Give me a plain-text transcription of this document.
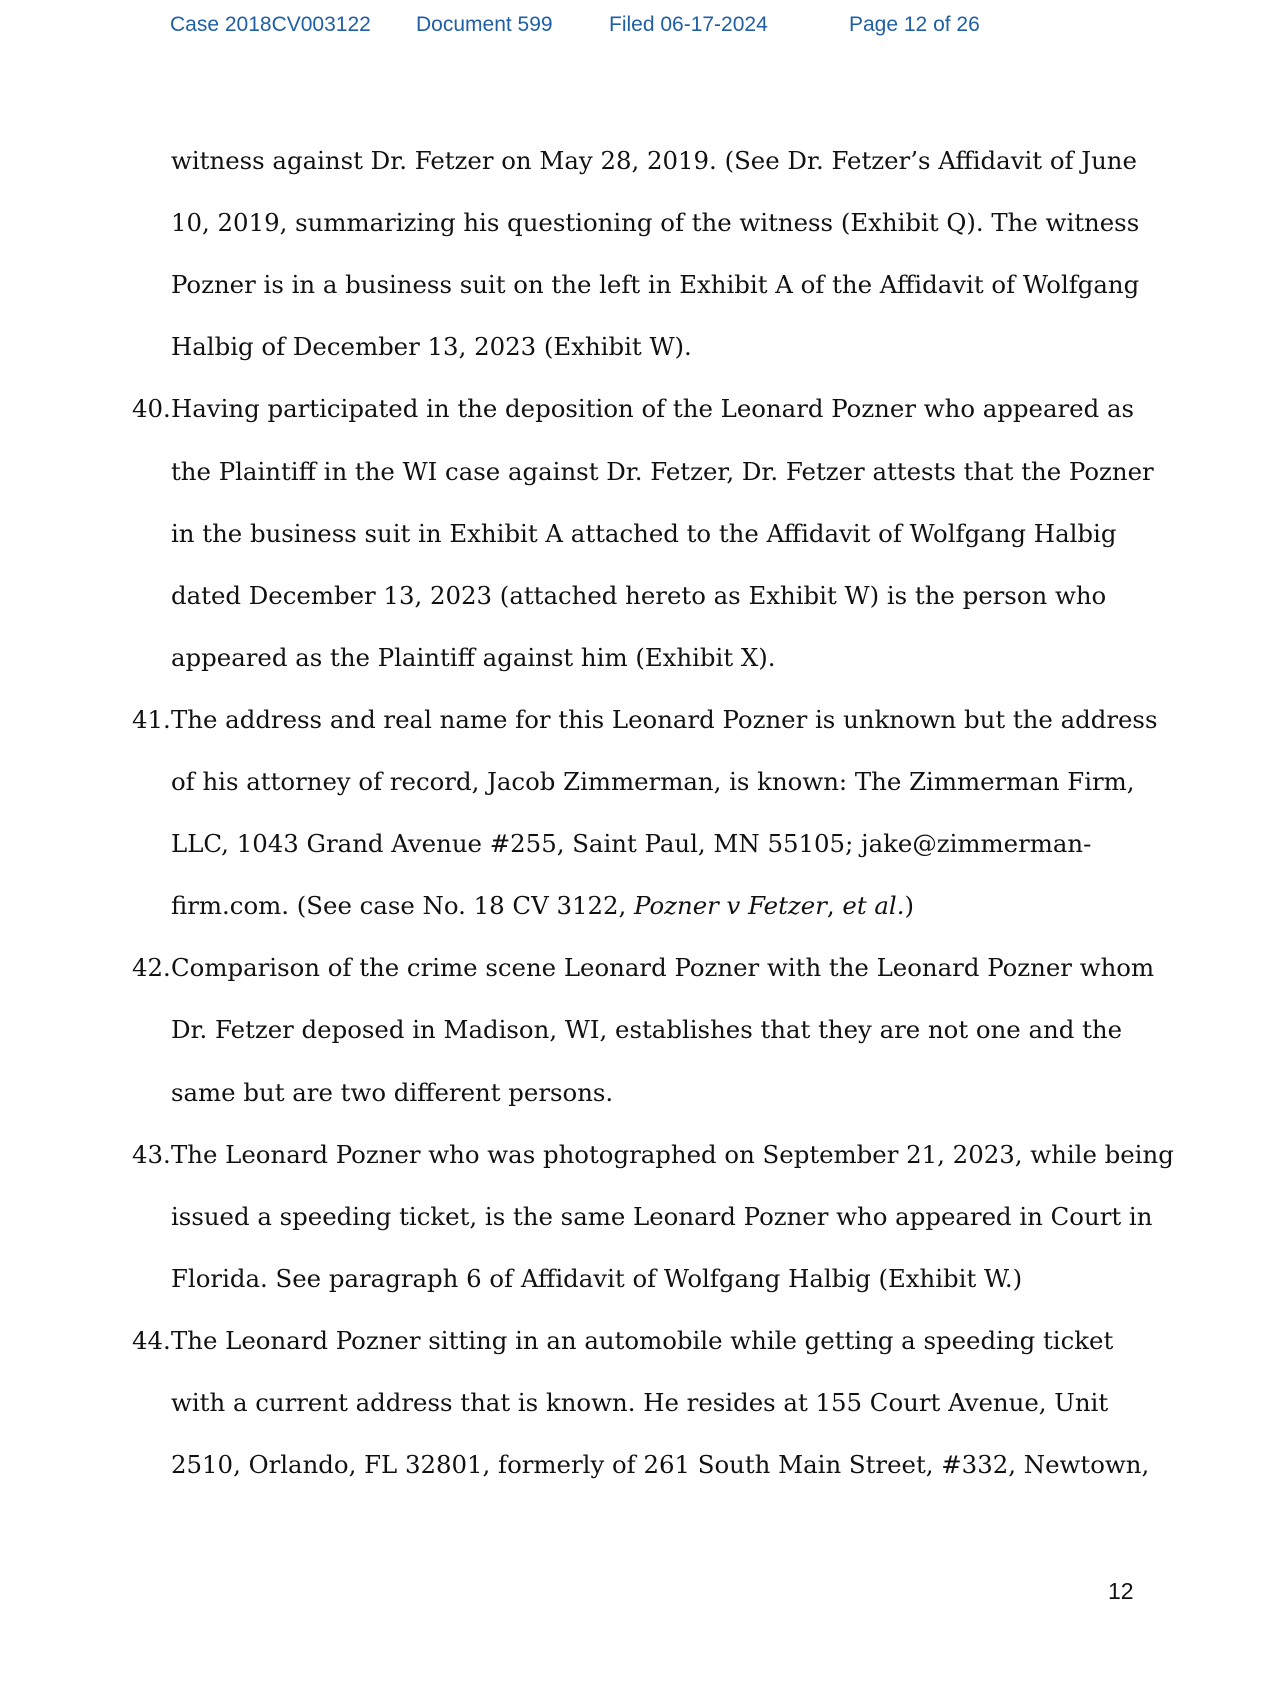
Case 2018CV003122 Document 599	Filed 06-17-2024	Page 12 of 26
witness against Dr. Fetzer on May 28, 2019. (See Dr. Fetzer’s Affidavit of June
10, 2019, summarizing his questioning of the witness (Exhibit Q). The witness
Pozner is in a business suit on the left in Exhibit A of the Affidavit of Wolfgang
Halbig of December 13, 2023 (Exhibit W).
40. Having participated in the deposition of the Leonard Pozner who appeared as
the Plaintiff in the WI case against Dr. Fetzer, Dr. Fetzer attests that the Pozner
in the business suit in Exhibit A attached to the Affidavit of Wolfgang Halbig
dated December 13, 2023 (attached hereto as Exhibit W) is the person who
appeared as the Plaintiff against him (Exhibit X).
41. The address and real name for this Leonard Pozner is unknown but the address
of his attorney of record, Jacob Zimmerman, is known: The Zimmerman Firm,
LLC, 1043 Grand Avenue #255, Saint Paul, MN 55105; jake@zimmerman-
firm.com. (See case No. 18 CV 3122, Pozner v Fetzer, et al.)
42. Comparison of the crime scene Leonard Pozner with the Leonard Pozner whom
Dr. Fetzer deposed in Madison, WI, establishes that they are not one and the
same but are two different persons.
43. The Leonard Pozner who was photographed on September 21, 2023, while being
issued a speeding ticket, is the same Leonard Pozner who appeared in Court in
Florida. See paragraph 6 of Affidavit of Wolfgang Halbig (Exhibit W.)
44. The Leonard Pozner sitting in an automobile while getting a speeding ticket
with a current address that is known. He resides at 155 Court Avenue, Unit
2510, Orlando, FL 32801, formerly of 261 South Main Street, #332, Newtown,
12
